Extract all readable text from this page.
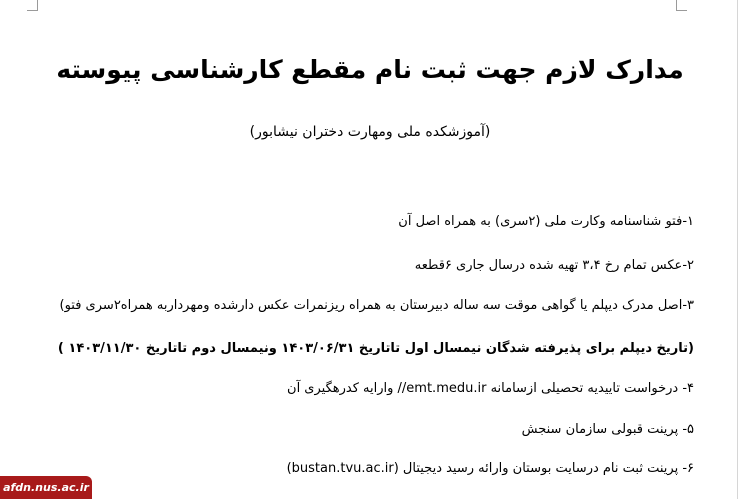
مدارک لازم جهت ثبت نام مقطع کارشناسی پیوسته
(آموزشکده ملی ومهارت دختران نیشابور)
۱-فتو شناسنامه وکارت ملی (۲سری) به همراه اصل آن
۲-عکس تمام رخ ۳،۴ تهیه شده درسال جاری ۶قطعه
۳-اصل مدرک دیپلم یا گواهی موقت سه ساله دبیرستان به همراه ریزنمرات عکس دارشده ومهرداربه همراه۲سری فتو)
(تاریخ دیپلم برای پذیرفته شدگان نیمسال اول تاتاریخ ۱۴۰۳/۰۶/۳۱ ونیمسال دوم تاتاریخ ۱۴۰۳/۱۱/۳۰ )
۴- درخواست تاییدیه تحصیلی ازسامانه emt.medu.ir// وارایه کدرهگیری آن
۵- پرینت قبولی سازمان سنجش
۶- پرینت ثبت نام درسایت بوستان وارائه رسید دیجیتال (bustan.tvu.ac.ir)
afdn.nus.ac.ir
